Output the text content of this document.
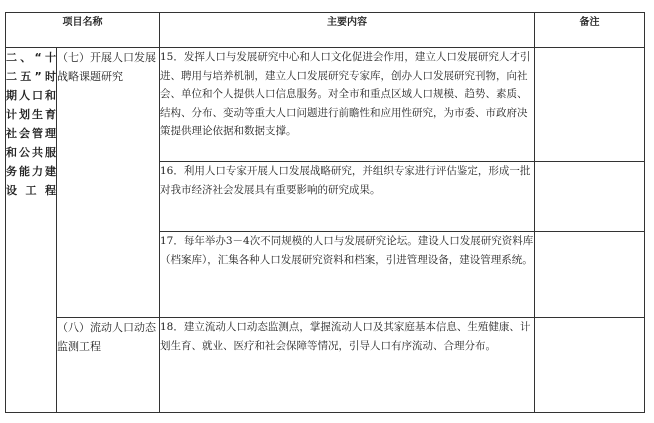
项目名称		主要内容	备注
二、“十二五”时期人口和计划生育社会管理和公共服务能力建设工程	（七）开展人口发展战略课题研究	15．发挥人口与发展研究中心和人口文化促进会作用，建立人口发展研究人才引进、聘用与培养机制，建立人口发展研究专家库，创办人口发展研究刊物，向社会、单位和个人提供人口信息服务。对全市和重点区域人口规模、趋势、素质、结构、分布、变动等重大人口问题进行前瞻性和应用性研究，为市委、市政府决策提供理论依据和数据支撑。	
		16．利用人口专家开展人口发展战略研究，并组织专家进行评估鉴定，形成一批对我市经济社会发展具有重要影响的研究成果。	
		17．每年举办3－4次不同规模的人口与发展研究论坛。建设人口发展研究资料库（档案库），汇集各种人口发展研究资料和档案，引进管理设备，建设管理系统。	
	（八）流动人口动态监测工程	18．建立流动人口动态监测点，掌握流动人口及其家庭基本信息、生殖健康、计划生育、就业、医疗和社会保障等情况，引导人口有序流动、合理分布。	
